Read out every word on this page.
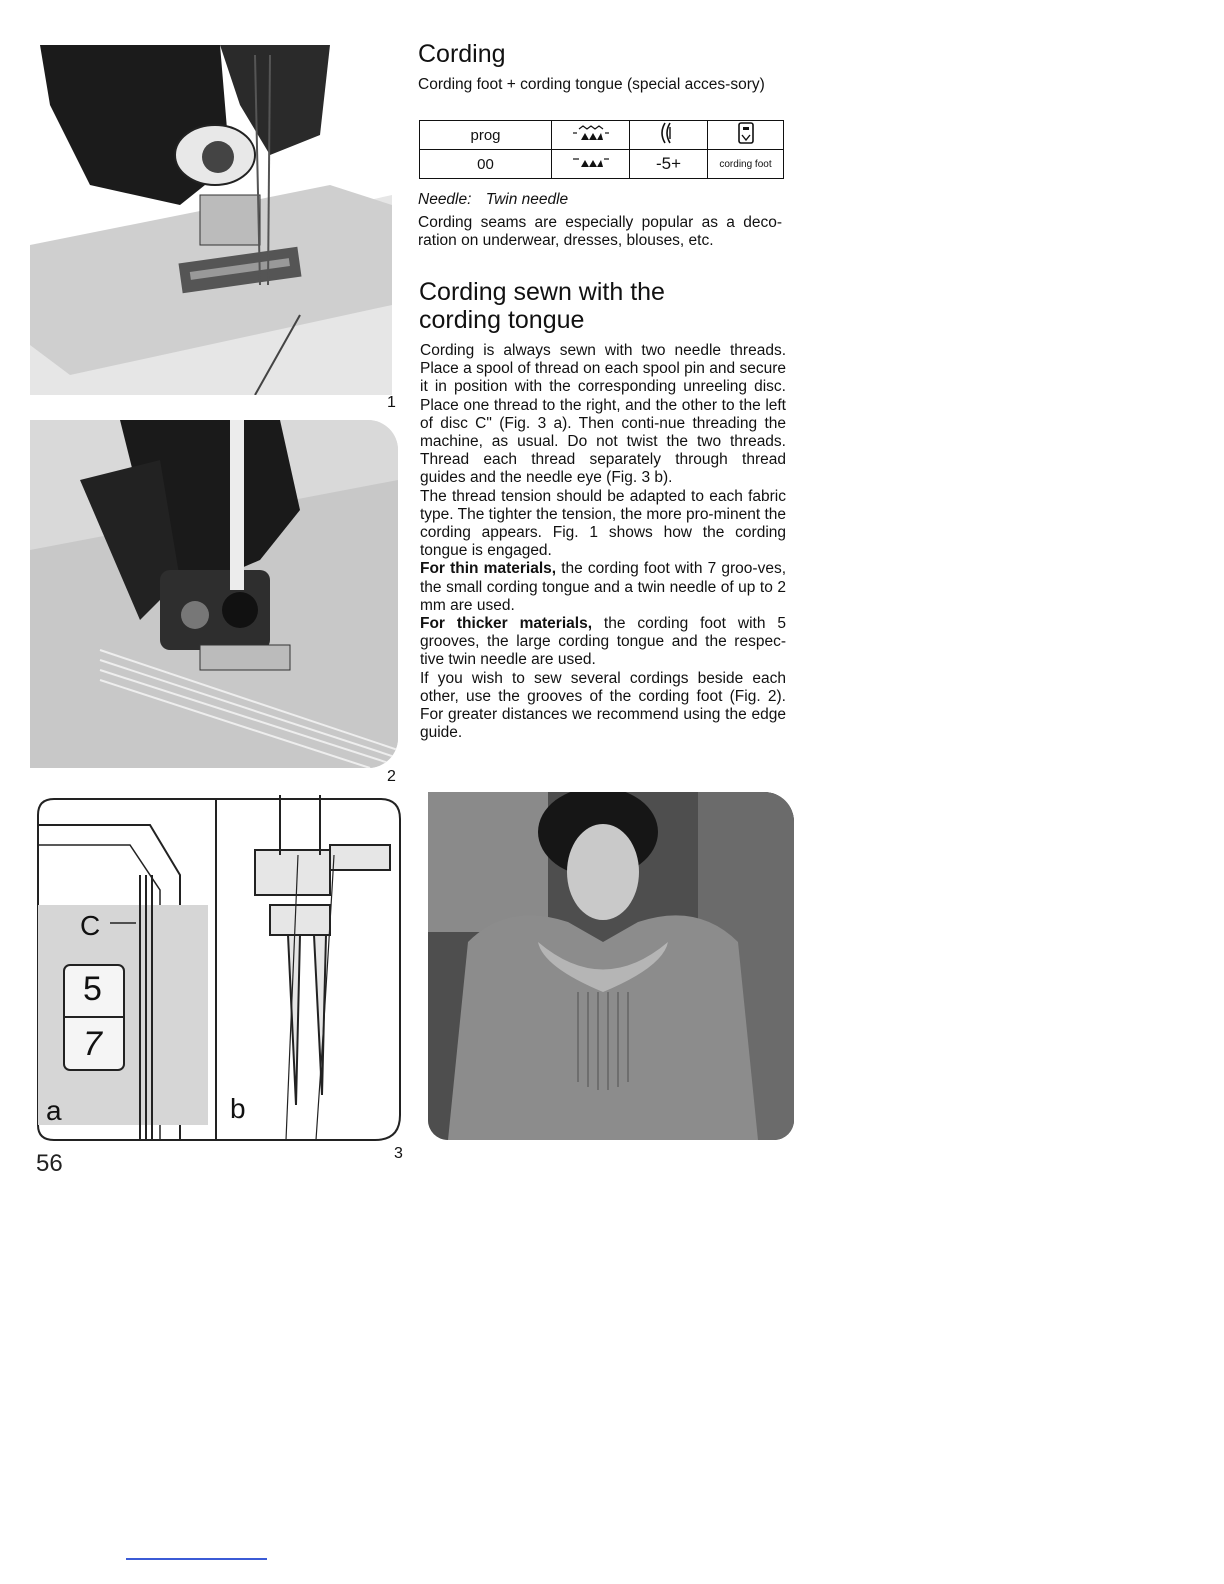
1
2
C
5
7
a	b
3
56
Cording

Cording foot + cording tongue (special acces-sory)

prog			
00		-5+	cording foot

Needle: Twin needle

Cording seams are especially popular as a deco-ration on underwear, dresses, blouses, etc.

Cording sewn with the
cording tongue

Cording is always sewn with two needle threads. Place a spool of thread on each spool pin and secure it in position with the corresponding unreeling disc. Place one thread to the right, and the other to the left of disc C" (Fig. 3 a). Then conti-nue threading the machine, as usual. Do not twist the two threads. Thread each thread separately through thread guides and the needle eye (Fig. 3 b).

The thread tension should be adapted to each fabric type. The tighter the tension, the more pro-minent the cording appears. Fig. 1 shows how the cording tongue is engaged.

For thin materials, the cording foot with 7 groo-ves, the small cording tongue and a twin needle of up to 2 mm are used.

For thicker materials, the cording foot with 5 grooves, the large cording tongue and the respec-tive twin needle are used.

If you wish to sew several cordings beside each other, use the grooves of the cording foot (Fig. 2). For greater distances we recommend using the edge guide.
